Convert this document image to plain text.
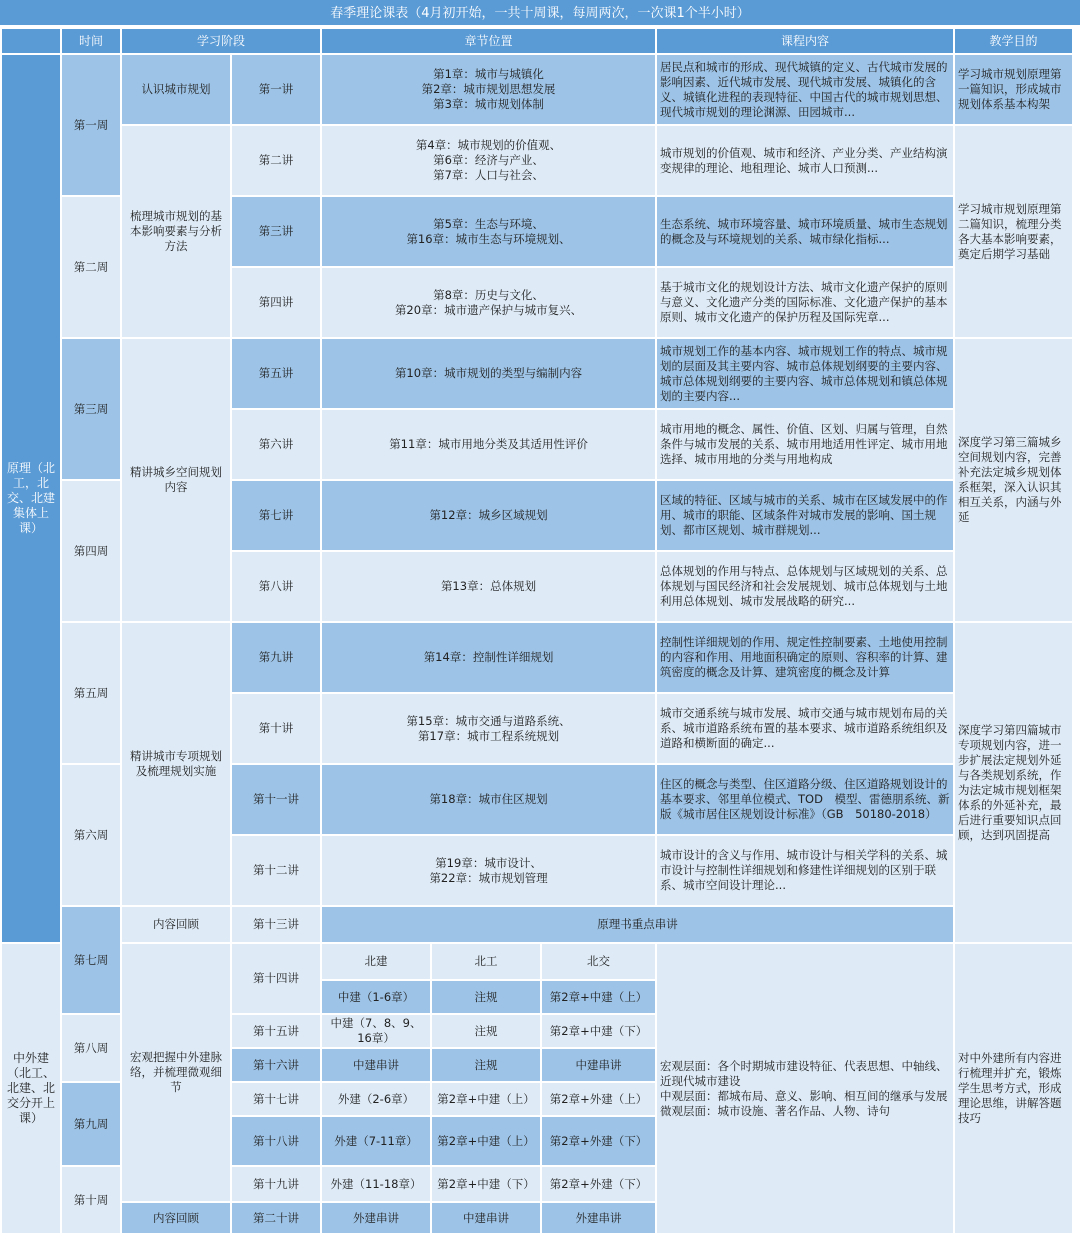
春季理论课表（4月初开始，一共十周课，每周两次，一次课1个半小时）
	时间	学习阶段		章节位置			课程内容	教学目的
原理（北工，北交、北建集体上课）	第一周	认识城市规划	第一讲	第1章：城市与城镇化
第2章：城市规划思想发展
第3章：城市规划体制			居民点和城市的形成、现代城镇的定义、古代城市发展的影响因素、近代城市发展、现代城市发展、城镇化的含义、城镇化进程的表现特征、中国古代的城市规划思想、现代城市规划的理论渊源、田园城市...	学习城市规划原理第一篇知识，形成城市规划体系基本构架
		梳理城市规划的基本影响要素与分析方法	第二讲	第4章：城市规划的价值观、
第6章：经济与产业、
第7章：人口与社会、			城市规划的价值观、城市和经济、产业分类、产业结构演变规律的理论、地租理论、城市人口预测...	学习城市规划原理第二篇知识，梳理分类各大基本影响要素，奠定后期学习基础
	第二周		第三讲	第5章：生态与环境、
第16章：城市生态与环境规划、			生态系统、城市环境容量、城市环境质量、城市生态规划的概念及与环境规划的关系、城市绿化指标...	
			第四讲	第8章：历史与文化、
第20章：城市遗产保护与城市复兴、			基于城市文化的规划设计方法、城市文化遗产保护的原则与意义、文化遗产分类的国际标准、文化遗产保护的基本原则、城市文化遗产的保护历程及国际宪章...	
	第三周	精讲城乡空间规划内容	第五讲	第10章：城市规划的类型与编制内容			城市规划工作的基本内容、城市规划工作的特点、城市规划的层面及其主要内容、城市总体规划纲要的主要内容、城市总体规划纲要的主要内容、城市总体规划和镇总体规划的主要内容...	深度学习第三篇城乡空间规划内容，完善补充法定城乡规划体系框架，深入认识其相互关系，内涵与外延
			第六讲	第11章：城市用地分类及其适用性评价			城市用地的概念、属性、价值、区划、归属与管理，自然条件与城市发展的关系、城市用地适用性评定、城市用地选择、城市用地的分类与用地构成	
	第四周		第七讲	第12章：城乡区域规划			区域的特征、区域与城市的关系、城市在区域发展中的作用、城市的职能、区域条件对城市发展的影响、国土规划、都市区规划、城市群规划...	
			第八讲	第13章：总体规划			总体规划的作用与特点、总体规划与区域规划的关系、总体规划与国民经济和社会发展规划、城市总体规划与土地利用总体规划、城市发展战略的研究...	
	第五周	精讲城市专项规划及梳理规划实施	第九讲	第14章：控制性详细规划			控制性详细规划的作用、规定性控制要素、土地使用控制的内容和作用、用地面积确定的原则、容积率的计算、建筑密度的概念及计算、建筑密度的概念及计算	深度学习第四篇城市专项规划内容，进一步扩展法定规划外延与各类规划系统，作为法定城市规划框架体系的外延补充，最后进行重要知识点回顾，达到巩固提高
			第十讲	第15章：城市交通与道路系统、
第17章：城市工程系统规划			城市交通系统与城市发展、城市交通与城市规划布局的关系、城市道路系统布置的基本要求、城市道路系统组织及道路和横断面的确定...	
	第六周		第十一讲	第18章：城市住区规划			住区的概念与类型、住区道路分级、住区道路规划设计的基本要求、邻里单位模式、TOD　模型、雷德朋系统、新版《城市居住区规划设计标准》（GB　50180-2018）	
			第十二讲	第19章：城市设计、
第22章：城市规划管理			城市设计的含义与作用、城市设计与相关学科的关系、城市设计与控制性详细规划和修建性详细规划的区别于联系、城市空间设计理论...	
	第七周	内容回顾	第十三讲	原理书重点串讲				
中外建（北工、北建、北交分开上课）		宏观把握中外建脉络，并梳理微观细节	第十四讲	北建	北工	北交	宏观层面：各个时期城市建设特征、代表思想、中轴线、近现代城市建设
中观层面：都城布局、意义、影响、相互间的继承与发展
微观层面：城市设施、著名作品、人物、诗句	对中外建所有内容进行梳理并扩充，锻炼学生思考方式，形成理论思维，讲解答题技巧
				中建（1-6章）	注规	第2章+中建（上）		
	第八周		第十五讲	中建（7、8、9、16章）	注规	第2章+中建（下）		
			第十六讲	中建串讲	注规	中建串讲		
	第九周		第十七讲	外建（2-6章）	第2章+中建（上）	第2章+外建（上）		
			第十八讲	外建（7-11章）	第2章+中建（上）	第2章+外建（下）		
	第十周		第十九讲	外建（11-18章）	第2章+中建（下）	第2章+外建（下）		
		内容回顾	第二十讲	外建串讲	中建串讲	外建串讲		
